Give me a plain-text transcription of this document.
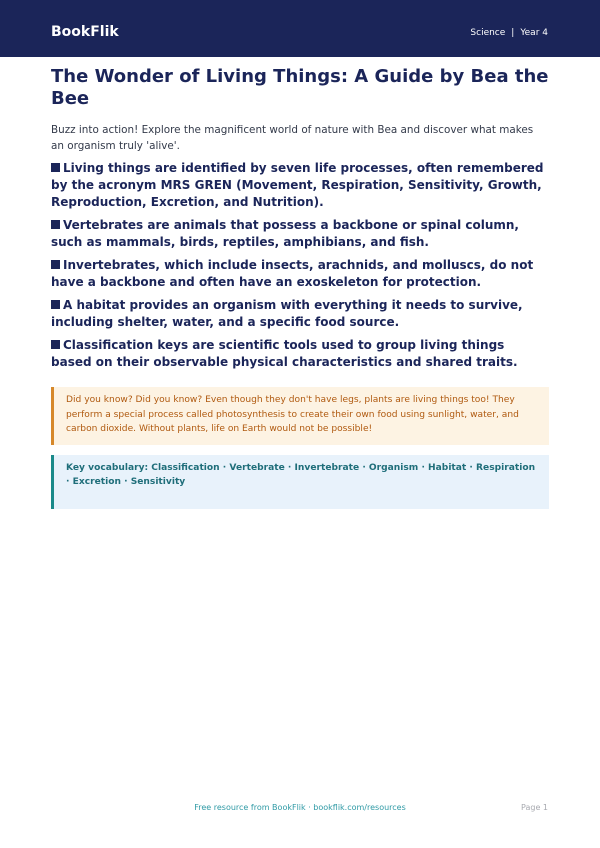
BookFlik	Science | Year 4
The Wonder of Living Things: A Guide by Bea the Bee

Buzz into action! Explore the magnificent world of nature with Bea and discover what makes an organism truly 'alive'.

Living things are identified by seven life processes, often remembered by the acronym MRS GREN (Movement, Respiration, Sensitivity, Growth, Reproduction, Excretion, and Nutrition).
Vertebrates are animals that possess a backbone or spinal column, such as mammals, birds, reptiles, amphibians, and fish.
Invertebrates, which include insects, arachnids, and molluscs, do not have a backbone and often have an exoskeleton for protection.
A habitat provides an organism with everything it needs to survive, including shelter, water, and a specific food source.
Classification keys are scientific tools used to group living things based on their observable physical characteristics and shared traits.
Did you know? Did you know? Even though they don't have legs, plants are living things too! They perform a special process called photosynthesis to create their own food using sunlight, water, and carbon dioxide. Without plants, life on Earth would not be possible!
Key vocabulary: Classification · Vertebrate · Invertebrate · Organism · Habitat · Respiration · Excretion · Sensitivity
Free resource from BookFlik · bookflik.com/resources	Page 1
